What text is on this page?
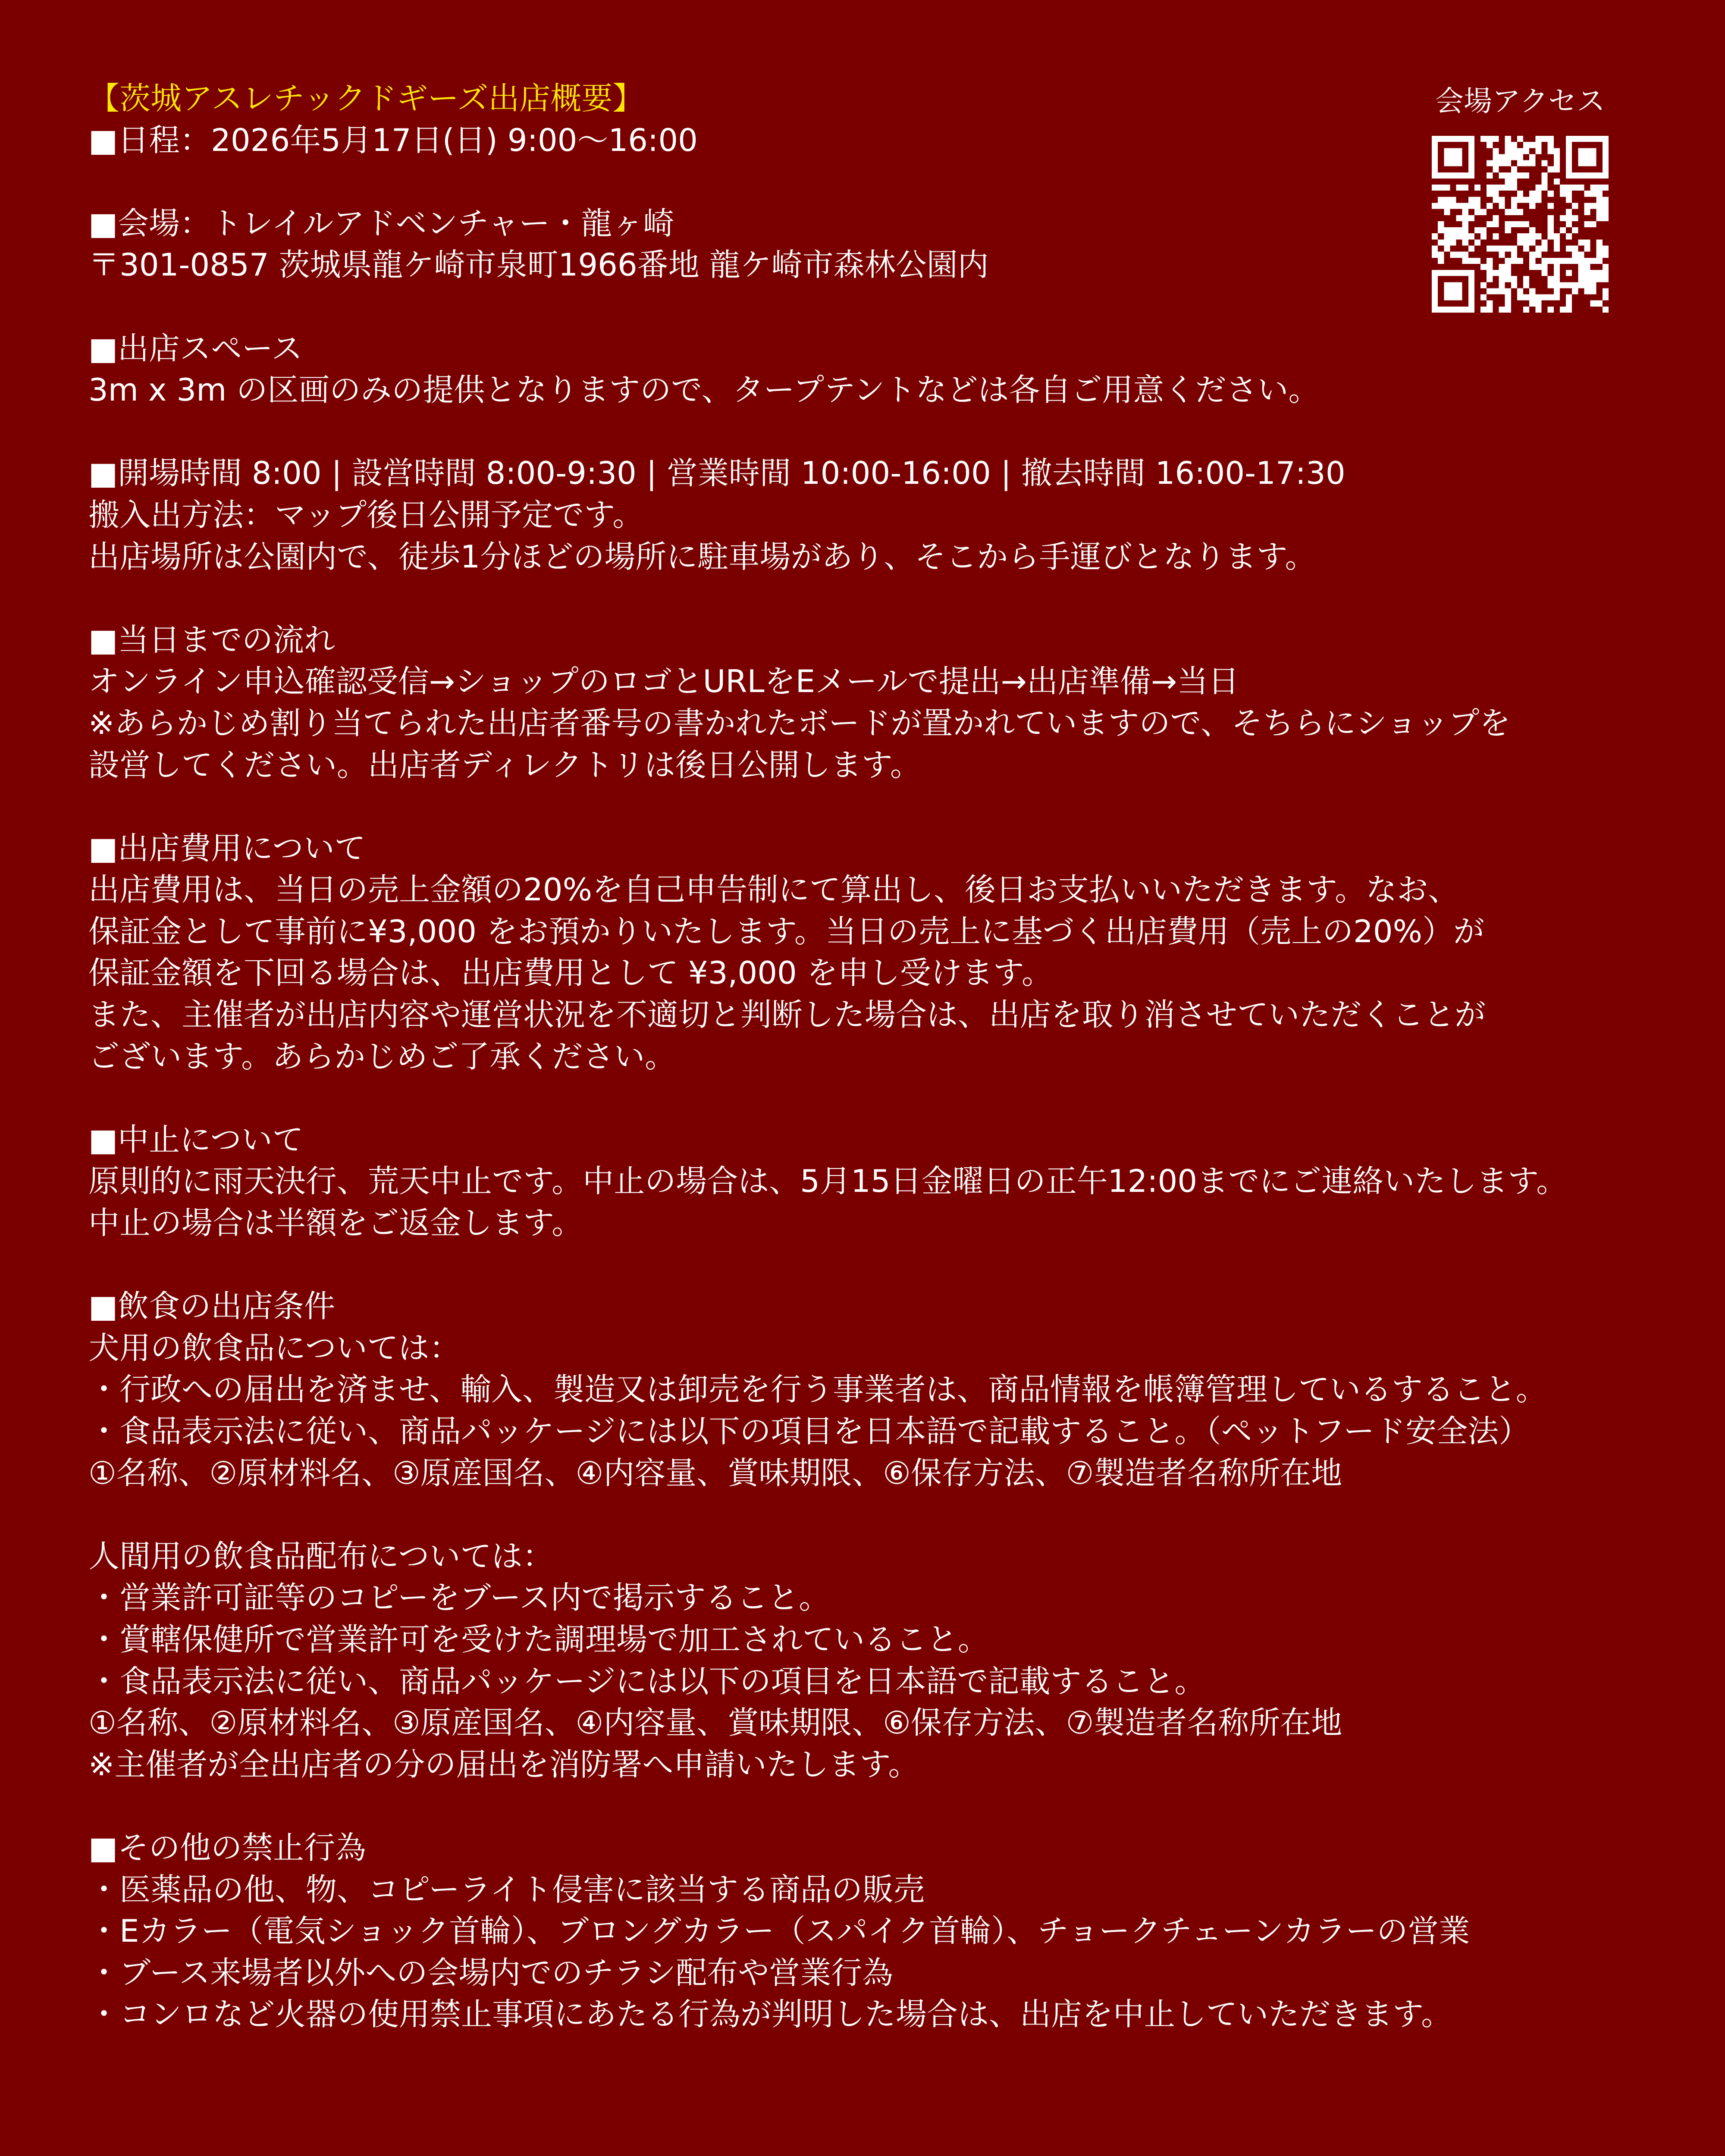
【茨城アスレチックドギーズ出店概要】
■日程：2026年5月17日(日) 9:00〜16:00
■会場：トレイルアドベンチャー・龍ヶ崎
〒301-0857 茨城県龍ケ崎市泉町1966番地 龍ケ崎市森林公園内
■出店スペース
3m x 3m の区画のみの提供となりますので、タープテントなどは各自ご用意ください。
■開場時間 8:00 | 設営時間 8:00-9:30 | 営業時間 10:00-16:00 | 撤去時間 16:00-17:30
搬入出方法：マップ後日公開予定です。
出店場所は公園内で、徒歩1分ほどの場所に駐車場があり、そこから手運びとなります。
■当日までの流れ
オンライン申込確認受信→ショップのロゴとURLをEメールで提出→出店準備→当日
※あらかじめ割り当てられた出店者番号の書かれたボードが置かれていますので、そちらにショップを
設営してください。出店者ディレクトリは後日公開します。
■出店費用について
出店費用は、当日の売上金額の20%を自己申告制にて算出し、後日お支払いいただきます。なお、
保証金として事前に¥3,000 をお預かりいたします。当日の売上に基づく出店費用（売上の20%）が
保証金額を下回る場合は、出店費用として ¥3,000 を申し受けます。
また、主催者が出店内容や運営状況を不適切と判断した場合は、出店を取り消させていただくことが
ございます。あらかじめご了承ください。
■中止について
原則的に雨天決行、荒天中止です。中止の場合は、5月15日金曜日の正午12:00までにご連絡いたします。
中止の場合は半額をご返金します。
■飲食の出店条件
犬用の飲食品については：
・行政への届出を済ませ、輸入、製造又は卸売を行う事業者は、商品情報を帳簿管理しているすること。
・食品表示法に従い、商品パッケージには以下の項目を日本語で記載すること。（ペットフード安全法）
①名称、②原材料名、③原産国名、④内容量、賞味期限、⑥保存方法、⑦製造者名称所在地
人間用の飲食品配布については：
・営業許可証等のコピーをブース内で掲示すること。
・賞轄保健所で営業許可を受けた調理場で加工されていること。
・食品表示法に従い、商品パッケージには以下の項目を日本語で記載すること。
①名称、②原材料名、③原産国名、④内容量、賞味期限、⑥保存方法、⑦製造者名称所在地
※主催者が全出店者の分の届出を消防署へ申請いたします。
■その他の禁止行為
・医薬品の他、物、コピーライト侵害に該当する商品の販売
・Eカラー（電気ショック首輪）、ブロングカラー（スパイク首輪）、チョークチェーンカラーの営業
・ブース来場者以外への会場内でのチラシ配布や営業行為
・コンロなど火器の使用禁止事項にあたる行為が判明した場合は、出店を中止していただきます。
会場アクセス
